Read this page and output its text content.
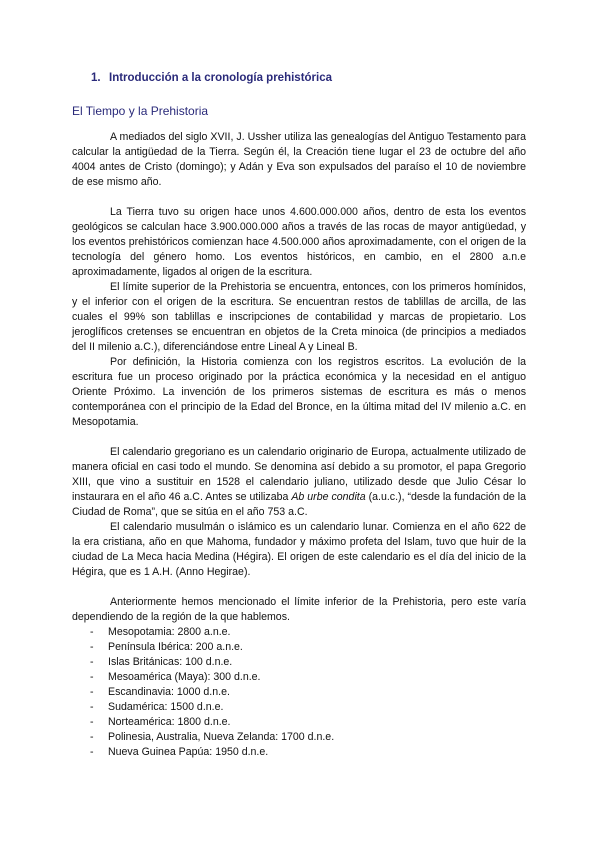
1. Introducción a la cronología prehistórica
El Tiempo y la Prehistoria

A mediados del siglo XVII, J. Ussher utiliza las genealogías del Antiguo Testamento para calcular la antigüedad de la Tierra. Según él, la Creación tiene lugar el 23 de octubre del año 4004 antes de Cristo (domingo); y Adán y Eva son expulsados del paraíso el 10 de noviembre de ese mismo año.

La Tierra tuvo su origen hace unos 4.600.000.000 años, dentro de esta los eventos geológicos se calculan hace 3.900.000.000 años a través de las rocas de mayor antigüedad, y los eventos prehistóricos comienzan hace 4.500.000 años aproximadamente, con el origen de la tecnología del género homo. Los eventos históricos, en cambio, en el 2800 a.n.e aproximadamente, ligados al origen de la escritura.

El límite superior de la Prehistoria se encuentra, entonces, con los primeros homínidos, y el inferior con el origen de la escritura. Se encuentran restos de tablillas de arcilla, de las cuales el 99% son tablillas e inscripciones de contabilidad y marcas de propietario. Los jeroglíficos cretenses se encuentran en objetos de la Creta minoica (de principios a mediados del II milenio a.C.), diferenciándose entre Lineal A y Lineal B.

Por definición, la Historia comienza con los registros escritos. La evolución de la escritura fue un proceso originado por la práctica económica y la necesidad en el antiguo Oriente Próximo. La invención de los primeros sistemas de escritura es más o menos contemporánea con el principio de la Edad del Bronce, en la última mitad del IV milenio a.C. en Mesopotamia.

El calendario gregoriano es un calendario originario de Europa, actualmente utilizado de manera oficial en casi todo el mundo. Se denomina así debido a su promotor, el papa Gregorio XIII, que vino a sustituir en 1528 el calendario juliano, utilizado desde que Julio César lo instaurara en el año 46 a.C. Antes se utilizaba Ab urbe condita (a.u.c.), “desde la fundación de la Ciudad de Roma”, que se sitúa en el año 753 a.C.

El calendario musulmán o islámico es un calendario lunar. Comienza en el año 622 de la era cristiana, año en que Mahoma, fundador y máximo profeta del Islam, tuvo que huir de la ciudad de La Meca hacia Medina (Hégira). El origen de este calendario es el día del inicio de la Hégira, que es 1 A.H. (Anno Hegirae).

Anteriormente hemos mencionado el límite inferior de la Prehistoria, pero este varía dependiendo de la región de la que hablemos.

- Mesopotamia: 2800 a.n.e.
- Península Ibérica: 200 a.n.e.
- Islas Británicas: 100 d.n.e.
- Mesoamérica (Maya): 300 d.n.e.
- Escandinavia: 1000 d.n.e.
- Sudamérica: 1500 d.n.e.
- Norteamérica: 1800 d.n.e.
- Polinesia, Australia, Nueva Zelanda: 1700 d.n.e.
- Nueva Guinea Papúa: 1950 d.n.e.
